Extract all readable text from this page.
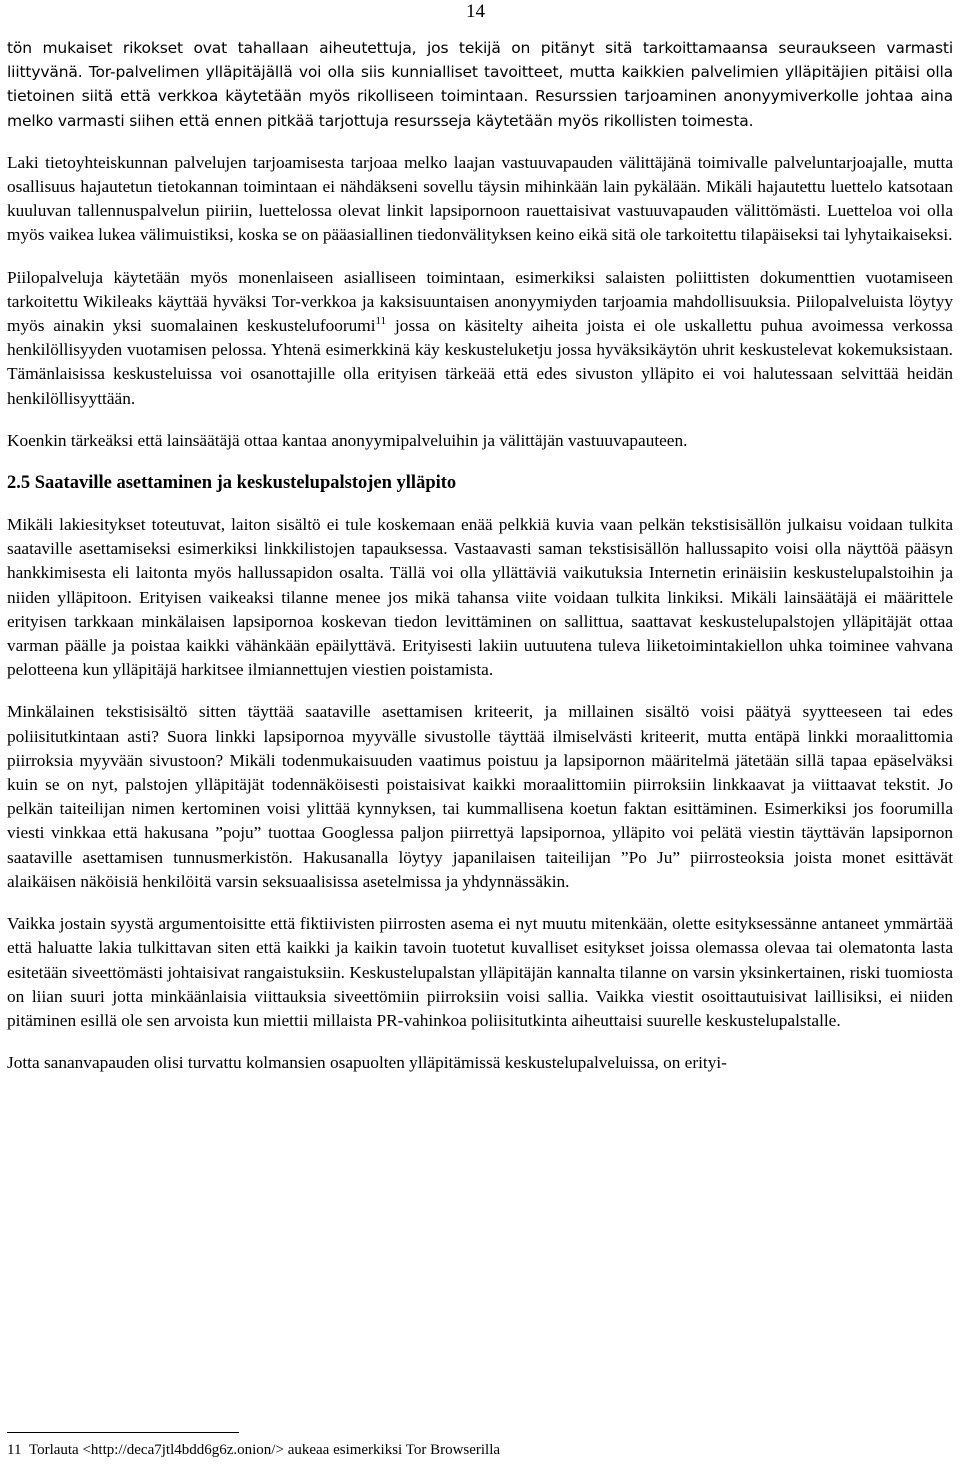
14

tön mukaiset rikokset ovat tahallaan aiheutettuja, jos tekijä on pitänyt sitä tarkoittamaansa seuraukseen varmasti liittyvänä. Tor-palvelimen ylläpitäjällä voi olla siis kunnialliset tavoitteet, mutta kaikkien palvelimien ylläpitäjien pitäisi olla tietoinen siitä että verkkoa käytetään myös rikolliseen toimintaan. Resurssien tarjoaminen anonyymiverkolle johtaa aina melko varmasti siihen että ennen pitkää tarjottuja resursseja käytetään myös rikollisten toimesta.

Laki tietoyhteiskunnan palvelujen tarjoamisesta tarjoaa melko laajan vastuuvapauden välittäjänä toimivalle palveluntarjoajalle, mutta osallisuus hajautetun tietokannan toimintaan ei nähdäkseni sovellu täysin mihinkään lain pykälään. Mikäli hajautettu luettelo katsotaan kuuluvan tallennuspalvelun piiriin, luettelossa olevat linkit lapsipornoon rauettaisivat vastuuvapauden välittömästi. Luetteloa voi olla myös vaikea lukea välimuistiksi, koska se on pääasiallinen tiedonvälityksen keino eikä sitä ole tarkoitettu tilapäiseksi tai lyhytaikaiseksi.

Piilopalveluja käytetään myös monenlaiseen asialliseen toimintaan, esimerkiksi salaisten poliittisten dokumenttien vuotamiseen tarkoitettu Wikileaks käyttää hyväksi Tor-verkkoa ja kaksisuuntaisen anonyymiyden tarjoamia mahdollisuuksia. Piilopalveluista löytyy myös ainakin yksi suomalainen keskustelufoorumi$^{11}$ jossa on käsitelty aiheita joista ei ole uskallettu puhua avoimessa verkossa henkilöllisyyden vuotamisen pelossa. Yhtenä esimerkkinä käy keskusteluketju jossa hyväksikäytön uhrit keskustelevat kokemuksistaan. Tämänlaisissa keskusteluissa voi osanottajille olla erityisen tärkeää että edes sivuston ylläpito ei voi halutessaan selvittää heidän henkilöllisyyttään.

Koenkin tärkeäksi että lainsäätäjä ottaa kantaa anonyymipalveluihin ja välittäjän vastuuvapauteen.

2.5 Saataville asettaminen ja keskustelupalstojen ylläpito

Mikäli lakiesitykset toteutuvat, laiton sisältö ei tule koskemaan enää pelkkiä kuvia vaan pelkän tekstisisällön julkaisu voidaan tulkita saataville asettamiseksi esimerkiksi linkkilistojen tapauksessa. Vastaavasti saman tekstisisällön hallussapito voisi olla näyttöä pääsyn hankkimisesta eli laitonta myös hallussapidon osalta. Tällä voi olla yllättäviä vaikutuksia Internetin erinäisiin keskustelupalstoihin ja niiden ylläpitoon. Erityisen vaikeaksi tilanne menee jos mikä tahansa viite voidaan tulkita linkiksi. Mikäli lainsäätäjä ei määrittele erityisen tarkkaan minkälaisen lapsipornoa koskevan tiedon levittäminen on sallittua, saattavat keskustelupalstojen ylläpitäjät ottaa varman päälle ja poistaa kaikki vähänkään epäilyttävä. Erityisesti lakiin uutuutena tuleva liiketoimintakiellon uhka toiminee vahvana pelotteena kun ylläpitäjä harkitsee ilmiannettujen viestien poistamista.

Minkälainen tekstisisältö sitten täyttää saataville asettamisen kriteerit, ja millainen sisältö voisi päätyä syytteeseen tai edes poliisitutkintaan asti? Suora linkki lapsipornoa myyvälle sivustolle täyttää ilmiselvästi kriteerit, mutta entäpä linkki moraalittomia piirroksia myyvään sivustoon? Mikäli todenmukaisuuden vaatimus poistuu ja lapsipornon määritelmä jätetään sillä tapaa epäselväksi kuin se on nyt, palstojen ylläpitäjät todennäköisesti poistaisivat kaikki moraalittomiin piirroksiin linkkaavat ja viittaavat tekstit. Jo pelkän taiteilijan nimen kertominen voisi ylittää kynnyksen, tai kummallisena koetun faktan esittäminen. Esimerkiksi jos foorumilla viesti vinkkaa että hakusana ”poju” tuottaa Googlessa paljon piirrettyä lapsipornoa, ylläpito voi pelätä viestin täyttävän lapsipornon saataville asettamisen tunnusmerkistön. Hakusanalla löytyy japanilaisen taiteilijan ”Po Ju” piirrosteoksia joista monet esittävät alaikäisen näköisiä henkilöitä varsin seksuaalisissa asetelmissa ja yhdynnässäkin.

Vaikka jostain syystä argumentoisitte että fiktiivisten piirrosten asema ei nyt muutu mitenkään, olette esityksessänne antaneet ymmärtää että haluatte lakia tulkittavan siten että kaikki ja kaikin tavoin tuotetut kuvalliset esitykset joissa olemassa olevaa tai olematonta lasta esitetään siveettömästi johtaisivat rangaistuksiin. Keskustelupalstan ylläpitäjän kannalta tilanne on varsin yksinkertainen, riski tuomiosta on liian suuri jotta minkäänlaisia viittauksia siveettömiin piirroksiin voisi sallia. Vaikka viestit osoittautuisivat laillisiksi, ei niiden pitäminen esillä ole sen arvoista kun miettii millaista PR-vahinkoa poliisitutkinta aiheuttaisi suurelle keskustelupalstalle.

Jotta sananvapauden olisi turvattu kolmansien osapuolten ylläpitämissä keskustelupalveluissa, on erityi-

11 Torlauta <http://deca7jtl4bdd6g6z.onion/> aukeaa esimerkiksi Tor Browserilla
